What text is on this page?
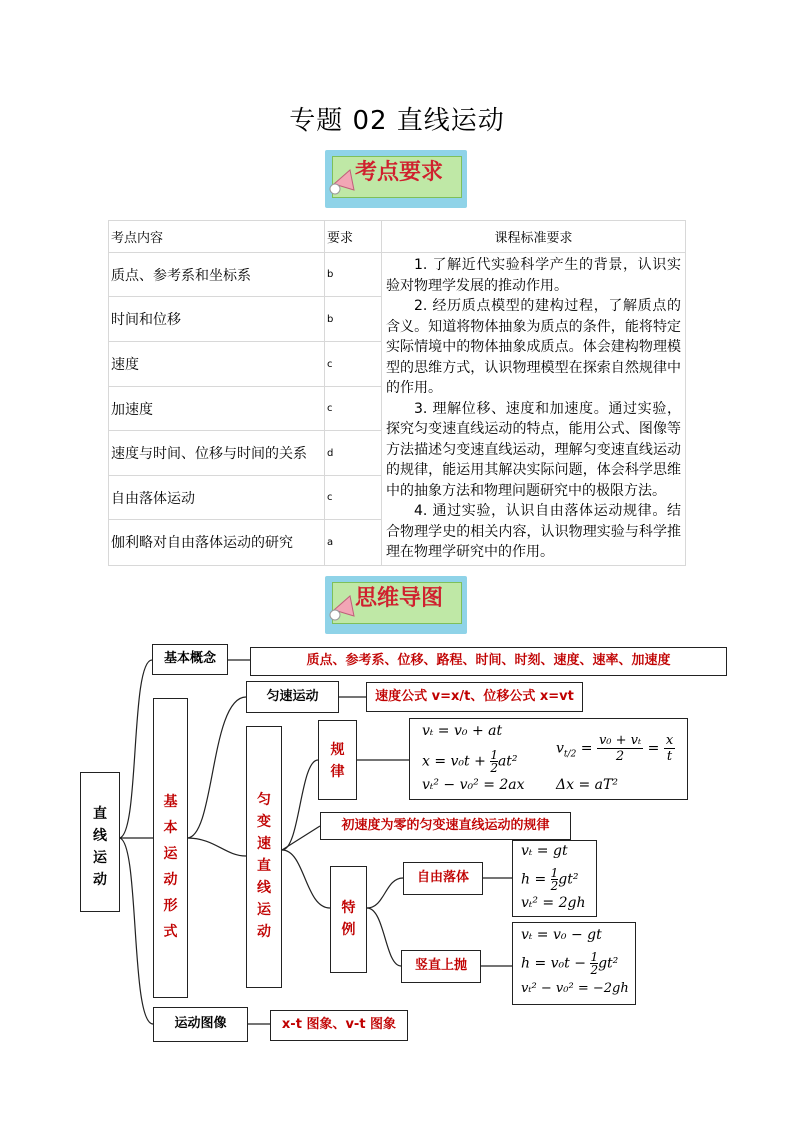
专题 02 直线运动
考点要求
考点内容	要求	课程标准要求
质点、参考系和坐标系	b	1. 了解近代实验科学产生的背景，认识实验对物理学发展的推动作用。

2. 经历质点模型的建构过程，了解质点的含义。知道将物体抽象为质点的条件，能将特定实际情境中的物体抽象成质点。体会建构物理模型的思维方式，认识物理模型在探索自然规律中的作用。

3. 理解位移、速度和加速度。通过实验，探究匀变速直线运动的特点，能用公式、图像等方法描述匀变速直线运动，理解匀变速直线运动的规律，能运用其解决实际问题，体会科学思维中的抽象方法和物理问题研究中的极限方法。

4. 通过实验，认识自由落体运动规律。结合物理学史的相关内容，认识物理实验与科学推理在物理学研究中的作用。

时间和位移	b	
速度	c	
加速度	c	
速度与时间、位移与时间的关系	d	
自由落体运动	c	
伽利略对自由落体运动的研究	a	
思维导图
直线运动
基本概念	质点、参考系、位移、路程、时间、时刻、速度、速率、加速度
基本运动形式
匀速运动	速度公式 v=x/t、位移公式 x=vt
匀变速直线运动
规律
vₜ = v₀ + at
$x = v_0t + \frac{1}{2} at^2$
vₜ² − v₀² = 2ax
$v_{t/2} = \frac{\text{v₀ + vₜ}}{2} = \frac{x}{t}$
Δx = aT²
初速度为零的匀变速直线运动的规律
特例
自由落体
vₜ = gt
$h = \frac{1}{2} gt^2$
vₜ² = 2gh
竖直上抛
vₜ = v₀ − gt
$h = v_0t - \frac{1}{2} gt^2$
vₜ² − v₀² = −2gh
运动图像	x-t 图象、v-t 图象
